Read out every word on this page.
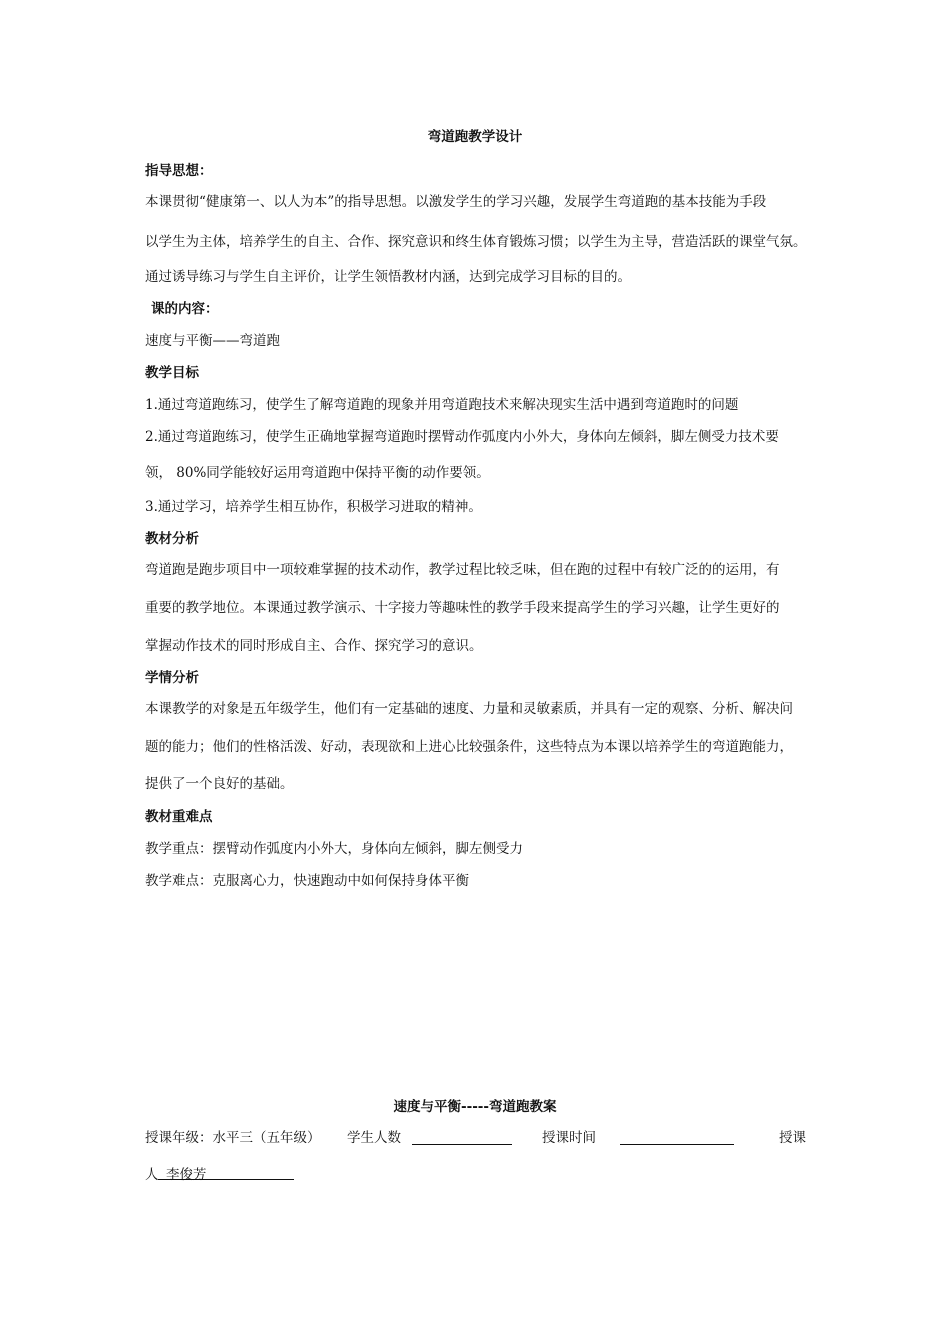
弯道跑教学设计
指导思想：
本课贯彻“健康第一、以人为本”的指导思想。以激发学生的学习兴趣，发展学生弯道跑的基本技能为手段
以学生为主体，培养学生的自主、合作、探究意识和终生体育锻炼习惯；以学生为主导，营造活跃的课堂气氛。
通过诱导练习与学生自主评价，让学生领悟教材内涵，达到完成学习目标的目的。
课的内容：
速度与平衡——弯道跑
教学目标
1.通过弯道跑练习，使学生了解弯道跑的现象并用弯道跑技术来解决现实生活中遇到弯道跑时的问题
2.通过弯道跑练习，使学生正确地掌握弯道跑时摆臂动作弧度内小外大，身体向左倾斜，脚左侧受力技术要
领， 80%同学能较好运用弯道跑中保持平衡的动作要领。
3.通过学习，培养学生相互协作，积极学习进取的精神。
教材分析
弯道跑是跑步项目中一项较难掌握的技术动作，教学过程比较乏味，但在跑的过程中有较广泛的的运用，有
重要的教学地位。本课通过教学演示、十字接力等趣味性的教学手段来提高学生的学习兴趣，让学生更好的
掌握动作技术的同时形成自主、合作、探究学习的意识。
学情分析
本课教学的对象是五年级学生，他们有一定基础的速度、力量和灵敏素质，并具有一定的观察、分析、解决问
题的能力；他们的性格活泼、好动，表现欲和上进心比较强条件，这些特点为本课以培养学生的弯道跑能力，
提供了一个良好的基础。
教材重难点
教学重点：摆臂动作弧度内小外大，身体向左倾斜，脚左侧受力
教学难点：克服离心力，快速跑动中如何保持身体平衡
速度与平衡-----弯道跑教案
授课年级：水平三（五年级） 学生人数	授课时间	授课
人 李俊芳
